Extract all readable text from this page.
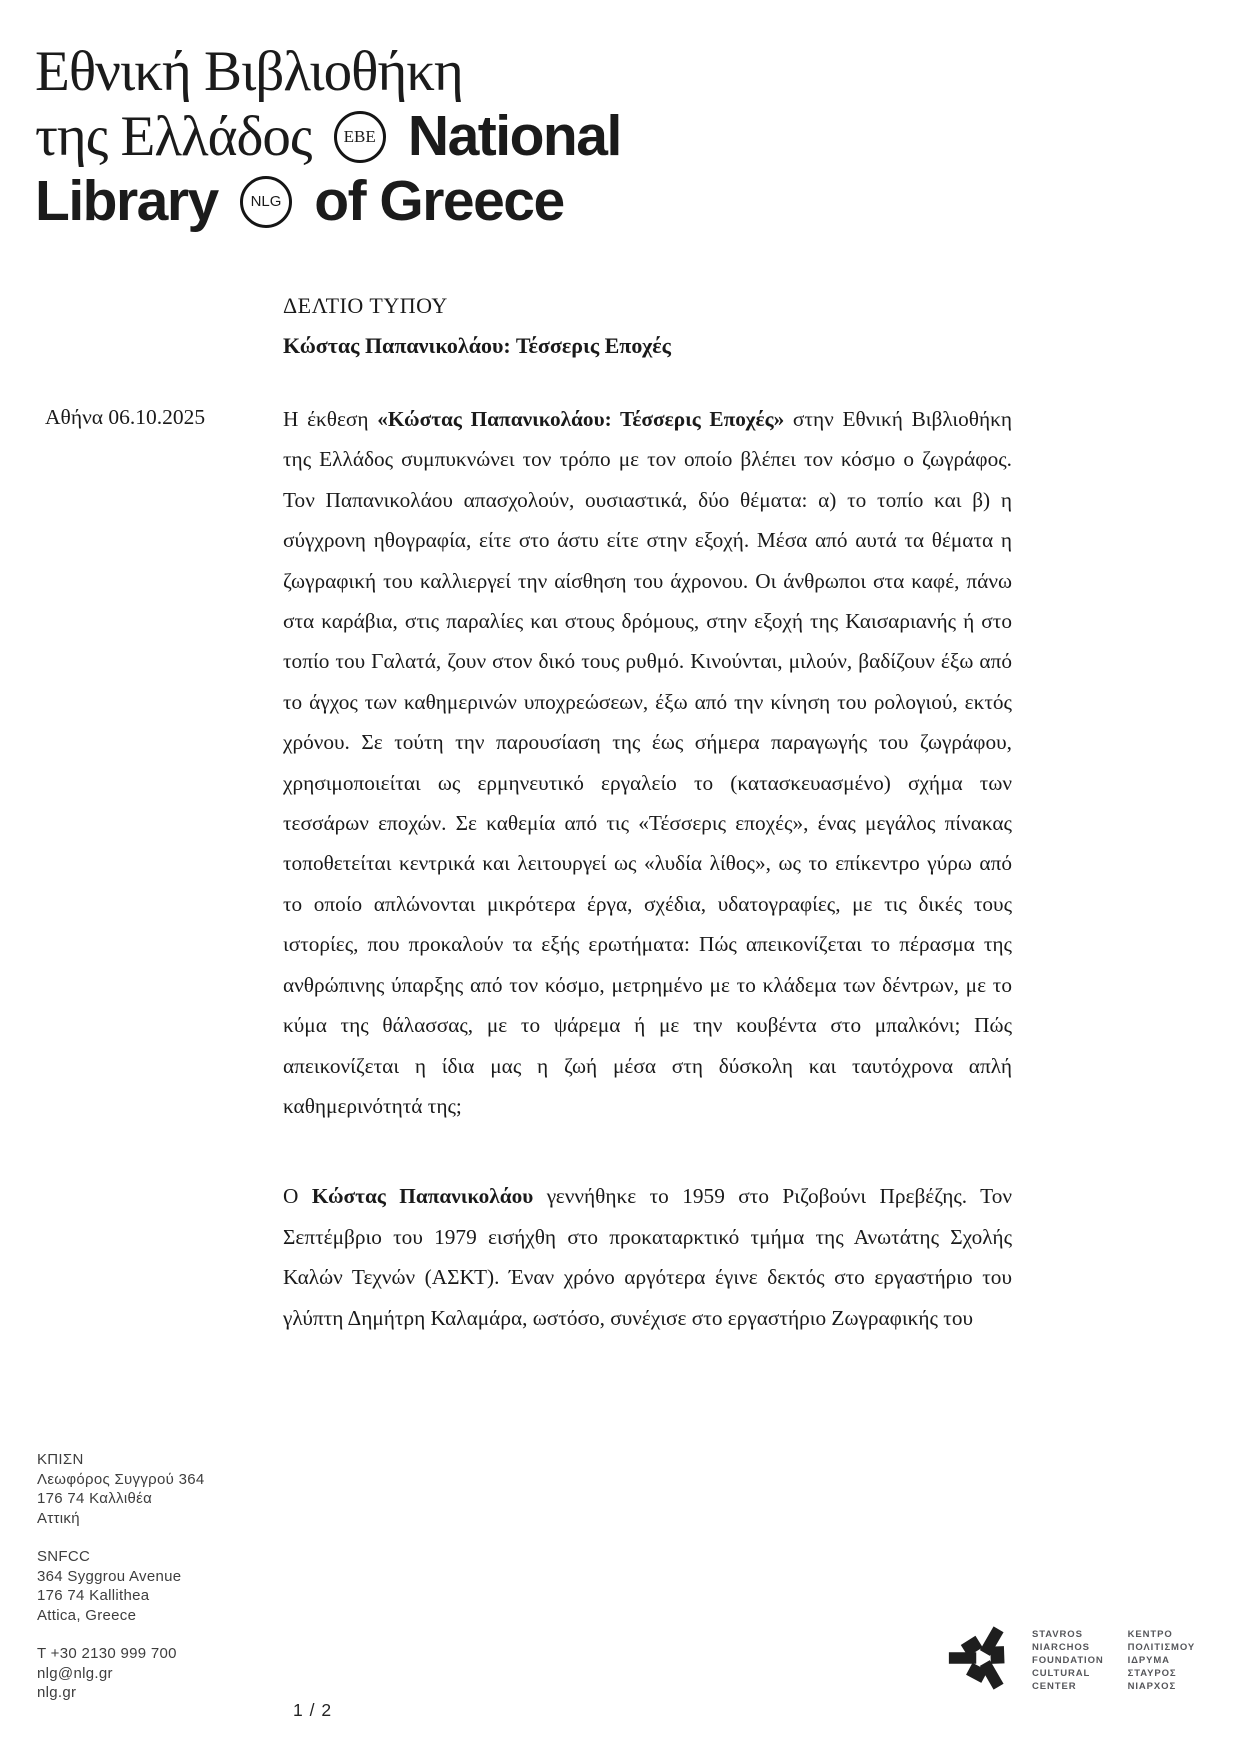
Εθνική Βιβλιοθήκη
της Ελλάδος ΕΒΕ National
Library NLG of Greece
ΔΕΛΤΙΟ ΤΥΠΟΥ
Κώστας Παπανικολάου: Τέσσερις Εποχές
Αθήνα 06.10.2025	Η έκθεση «Κώστας Παπανικολάου: Τέσσερις Εποχές» στην Εθνική Βιβλιοθήκη της Ελλάδος συμπυκνώνει τον τρόπο με τον οποίο βλέπει τον κόσμο ο ζωγράφος. Τον Παπανικολάου απασχολούν, ουσιαστικά, δύο θέματα: α) το τοπίο και β) η σύγχρονη ηθογραφία, είτε στο άστυ είτε στην εξοχή. Μέσα από αυτά τα θέματα η ζωγραφική του καλλιεργεί την αίσθηση του άχρονου. Οι άνθρωποι στα καφέ, πάνω στα καράβια, στις παραλίες και στους δρόμους, στην εξοχή της Καισαριανής ή στο τοπίο του Γαλατά, ζουν στον δικό τους ρυθμό. Κινούνται, μιλούν, βαδίζουν έξω από το άγχος των καθημερινών υποχρεώσεων, έξω από την κίνηση του ρολογιού, εκτός χρόνου. Σε τούτη την παρουσίαση της έως σήμερα παραγωγής του ζωγράφου, χρησιμοποιείται ως ερμηνευτικό εργαλείο το (κατασκευασμένο) σχήμα των τεσσάρων εποχών. Σε καθεμία από τις «Τέσσερις εποχές», ένας μεγάλος πίνακας τοποθετείται κεντρικά και λειτουργεί ως «λυδία λίθος», ως το επίκεντρο γύρω από το οποίο απλώνονται μικρότερα έργα, σχέδια, υδατογραφίες, με τις δικές τους ιστορίες, που προκαλούν τα εξής ερωτήματα: Πώς απεικονίζεται το πέρασμα της ανθρώπινης ύπαρξης από τον κόσμο, μετρημένο με το κλάδεμα των δέντρων, με το κύμα της θάλασσας, με το ψάρεμα ή με την κουβέντα στο μπαλκόνι; Πώς απεικονίζεται η ίδια μας η ζωή μέσα στη δύσκολη και ταυτόχρονα απλή καθημερινότητά της;

Ο Κώστας Παπανικολάου γεννήθηκε το 1959 στο Ριζοβούνι Πρεβέζης. Τον Σεπτέμβριο του 1979 εισήχθη στο προκαταρκτικό τμήμα της Ανωτάτης Σχολής Καλών Τεχνών (ΑΣΚΤ). Έναν χρόνο αργότερα έγινε δεκτός στο εργαστήριο του γλύπτη Δημήτρη Καλαμάρα, ωστόσο, συνέχισε στο εργαστήριο Ζωγραφικής του

ΚΠΙΣΝ
Λεωφόρος Συγγρού 364
176 74 Καλλιθέα
Αττική
SNFCC
364 Syggrou Avenue
176 74 Kallithea
Attica, Greece
T +30 2130 999 700
nlg@nlg.gr
nlg.gr
STAVROS
NIARCHOS
FOUNDATION
CULTURAL
CENTER
ΚΕΝΤΡΟ
ΠΟΛΙΤΙΣΜΟΥ
ΙΔΡΥΜΑ
ΣΤΑΥΡΟΣ
ΝΙΑΡΧΟΣ
1 / 2
